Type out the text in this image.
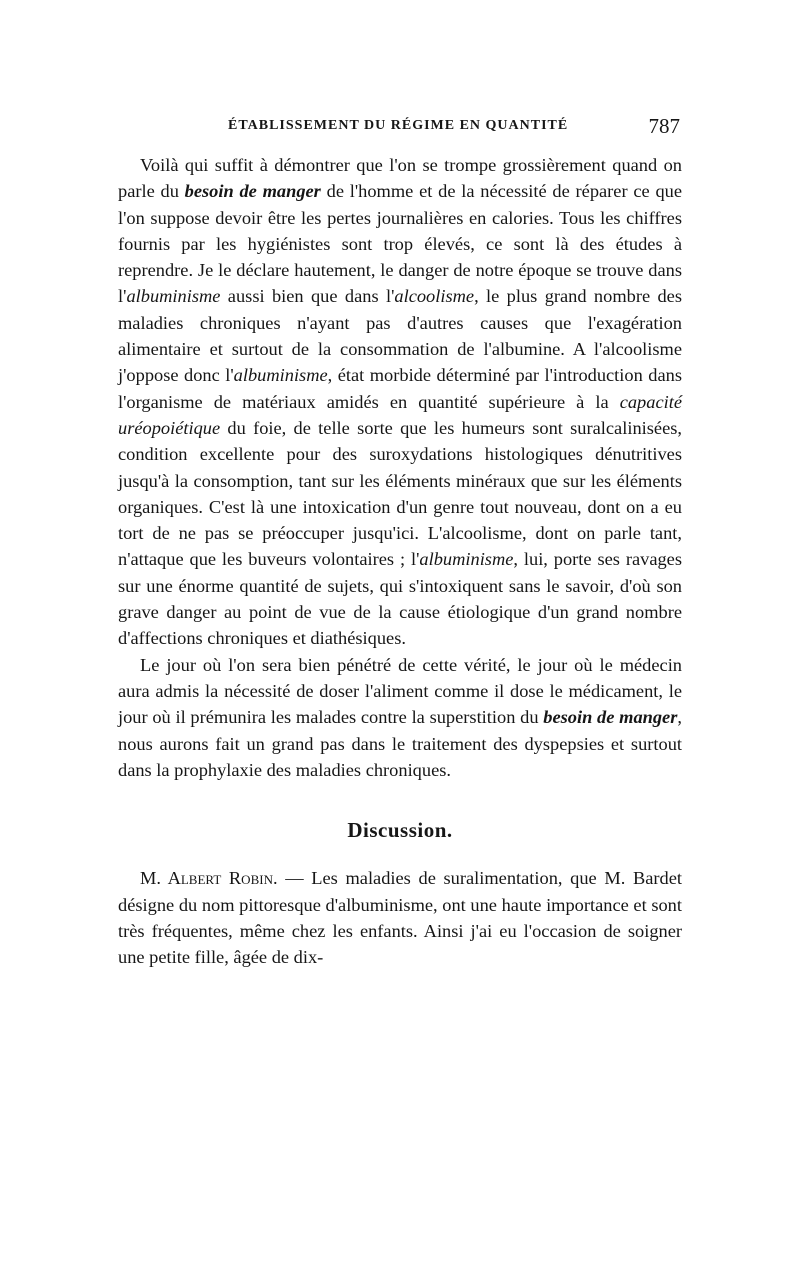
ÉTABLISSEMENT DU RÉGIME EN QUANTITÉ	787

Voilà qui suffit à démontrer que l'on se trompe grossièrement quand on parle du besoin de manger de l'homme et de la nécessité de réparer ce que l'on suppose devoir être les pertes journalières en calories. Tous les chiffres fournis par les hygiénistes sont trop élevés, ce sont là des études à reprendre. Je le déclare hautement, le danger de notre époque se trouve dans l'albuminisme aussi bien que dans l'alcoolisme, le plus grand nombre des maladies chroniques n'ayant pas d'autres causes que l'exagération alimentaire et surtout de la consommation de l'albumine. A l'alcoolisme j'oppose donc l'albuminisme, état morbide déterminé par l'introduction dans l'organisme de matériaux amidés en quantité supérieure à la capacité uréopoiétique du foie, de telle sorte que les humeurs sont suralcalinisées, condition excellente pour des suroxydations histologiques dénutritives jusqu'à la consomption, tant sur les éléments minéraux que sur les éléments organiques. C'est là une intoxication d'un genre tout nouveau, dont on a eu tort de ne pas se préoccuper jusqu'ici. L'alcoolisme, dont on parle tant, n'attaque que les buveurs volontaires ; l'albuminisme, lui, porte ses ravages sur une énorme quantité de sujets, qui s'intoxiquent sans le savoir, d'où son grave danger au point de vue de la cause étiologique d'un grand nombre d'affections chroniques et diathésiques.

Le jour où l'on sera bien pénétré de cette vérité, le jour où le médecin aura admis la nécessité de doser l'aliment comme il dose le médicament, le jour où il prémunira les malades contre la superstition du besoin de manger, nous aurons fait un grand pas dans le traitement des dyspepsies et surtout dans la prophylaxie des maladies chroniques.

Discussion.

M. Albert Robin. — Les maladies de suralimentation, que M. Bardet désigne du nom pittoresque d'albuminisme, ont une haute importance et sont très fréquentes, même chez les enfants. Ainsi j'ai eu l'occasion de soigner une petite fille, âgée de dix-
